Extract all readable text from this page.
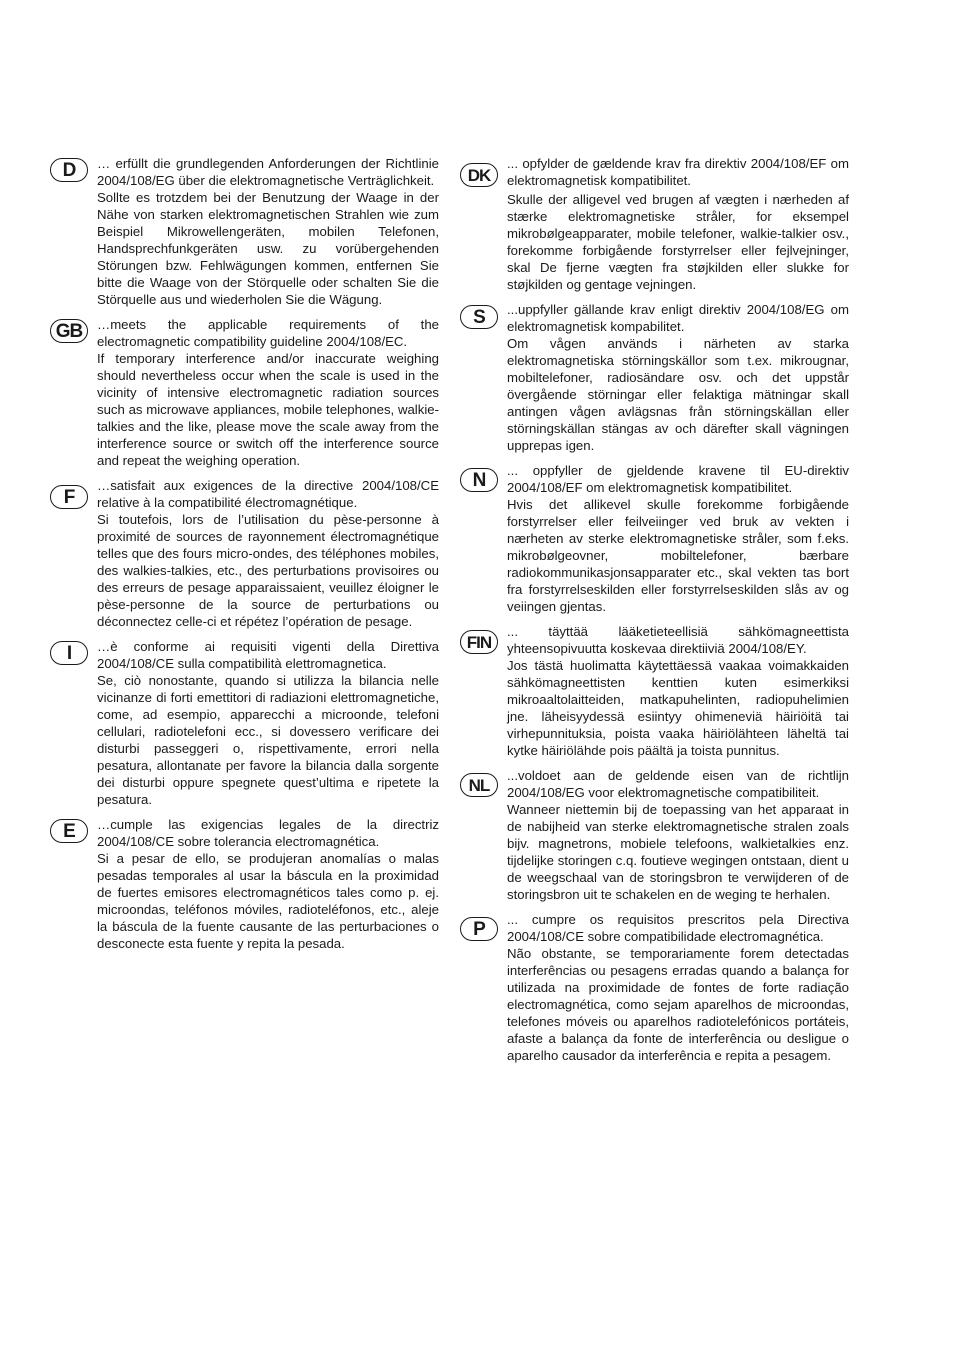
D	… erfüllt die grundlegenden Anforderungen der Richtlinie 2004/108/EG über die elektromagnetische Verträglichkeit.

Sollte es trotzdem bei der Benutzung der Waage in der Nähe von starken elektromagnetischen Strahlen wie zum Beispiel Mikrowellengeräten, mobilen Telefonen, Handsprechfunkgeräten usw. zu vorübergehenden Störungen bzw. Fehlwägungen kommen, entfernen Sie bitte die Waage von der Störquelle oder schalten Sie die Störquelle aus und wiederholen Sie die Wägung.

GB	…meets the applicable requirements of the electromagnetic compatibility guideline 2004/108/EC.

If temporary interference and/or inaccurate weighing should nevertheless occur when the scale is used in the vicinity of intensive electromagnetic radiation sources such as microwave appliances, mobile telephones, walkie-talkies and the like, please move the scale away from the interference source or switch off the interference source and repeat the weighing operation.

F

…satisfait aux exigences de la directive 2004/108/CE relative à la compatibilité électromagnétique.

Si toutefois, lors de l’utilisation du pèse-personne à proximité de sources de rayonnement électromagnétique telles que des fours micro-ondes, des téléphones mobiles, des walkies-talkies, etc., des perturbations provisoires ou des erreurs de pesage apparaissaient, veuillez éloigner le pèse-personne de la source de perturbations ou déconnectez celle-ci et répétez l’opération de pesage.

I	…è conforme ai requisiti vigenti della Direttiva 2004/108/CE sulla compatibilità elettromagnetica.

Se, ciò nonostante, quando si utilizza la bilancia nelle vicinanze di forti emettitori di radiazioni elettromagnetiche, come, ad esempio, apparecchi a microonde, telefoni cellulari, radiotelefoni ecc., si dovessero verificare dei disturbi passeggeri o, rispettivamente, errori nella pesatura, allontanate per favore la bilancia dalla sorgente dei disturbi oppure spegnete quest’ultima e ripetete la pesatura.

E	…cumple las exigencias legales de la directriz 2004/108/CE sobre tolerancia electromagnética.

Si a pesar de ello, se produjeran anomalías o malas pesadas temporales al usar la báscula en la proximidad de fuertes emisores electromagnéticos tales como p. ej. microondas, teléfonos móviles, radioteléfonos, etc., aleje la báscula de la fuente causante de las perturbaciones o desconecte esta fuente y repita la pesada.

DK

... opfylder de gældende krav fra direktiv 2004/108/EF om elektromagnetisk kompatibilitet.

Skulle der alligevel ved brugen af vægten i nærheden af stærke elektromagnetiske stråler, for eksempel mikrobølgeapparater, mobile telefoner, walkie-talkier osv., forekomme forbigående forstyrrelser eller fejlvejninger, skal De fjerne vægten fra støjkilden eller slukke for støjkilden og gentage vejningen.

S	...uppfyller gällande krav enligt direktiv 2004/108/EG om elektromagnetisk kompabilitet.

Om vågen används i närheten av starka elektromagnetiska störningskällor som t.ex. mikrougnar, mobiltelefoner, radiosändare osv. och det uppstår övergående störningar eller felaktiga mätningar skall antingen vågen avlägsnas från störningskällan eller störningskällan stängas av och därefter skall vägningen upprepas igen.

N	... oppfyller de gjeldende kravene til EU-direktiv 2004/108/EF om elektromagnetisk kompatibilitet.

Hvis det allikevel skulle forekomme forbigående forstyrrelser eller feilveiinger ved bruk av vekten i nærheten av sterke elektromagnetiske stråler, som f.eks. mikrobølgeovner, mobiltelefoner, bærbare radiokommunikasjonsapparater etc., skal vekten tas bort fra forstyrrelseskilden eller forstyrrelseskilden slås av og veiingen gjentas.

FIN

... täyttää lääketieteellisiä sähkömagneettista yhteensopivuutta koskevaa direktiiviä 2004/108/EY.

Jos tästä huolimatta käytettäessä vaakaa voimakkaiden sähkömagneettisten kenttien kuten esimerkiksi mikroaaltolaitteiden, matkapuhelinten, radiopuhelimien jne. läheisyydessä esiintyy ohimeneviä häiriöitä tai virhepunnituksia, poista vaaka häiriölähteen läheltä tai kytke häiriölähde pois päältä ja toista punnitus.

NL	...voldoet aan de geldende eisen van de richtlijn 2004/108/EG voor elektromagnetische compatibiliteit.

Wanneer niettemin bij de toepassing van het apparaat in de nabijheid van sterke elektromagnetische stralen zoals bijv. magnetrons, mobiele telefoons, walkietalkies enz. tijdelijke storingen c.q. foutieve wegingen ontstaan, dient u de weegschaal van de storingsbron te verwijderen of de storingsbron uit te schakelen en de weging te herhalen.

P	... cumpre os requisitos prescritos pela Directiva 2004/108/CE sobre compatibilidade electromagnética.

Não obstante, se temporariamente forem detectadas interferências ou pesagens erradas quando a balança for utilizada na proximidade de fontes de forte radiação electromagnética, como sejam aparelhos de microondas, telefones móveis ou aparelhos radiotelefónicos portáteis, afaste a balança da fonte de interferência ou desligue o aparelho causador da interferência e repita a pesagem.
